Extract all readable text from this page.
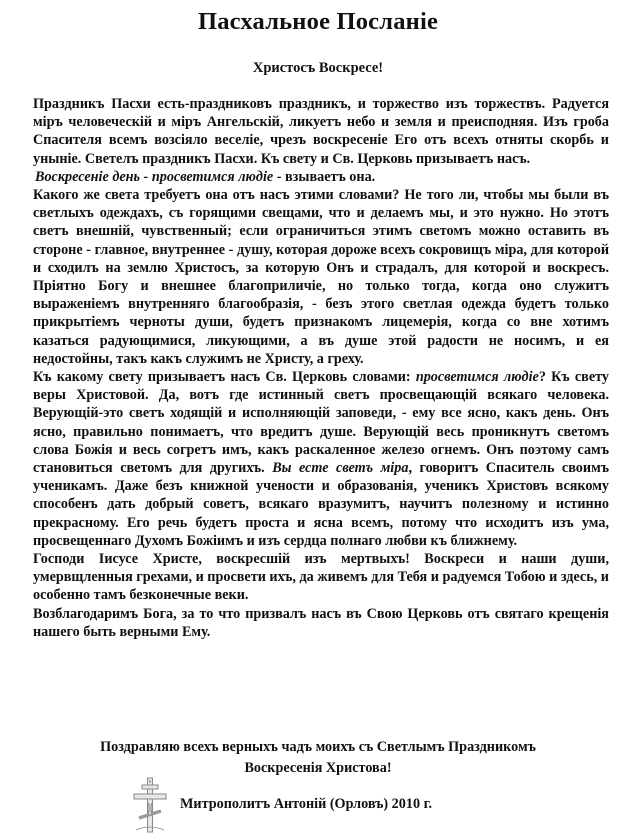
Пасхальное Посланіе
Христосъ Воскресе!

Праздникъ Пасхи есть-праздниковъ праздникъ, и торжество изъ торжествъ. Радуется міръ человеческій и міръ Ангельскій, ликуетъ небо и земля и преисподняя. Изъ гроба Спасителя всемъ возсіяло веселіе, чрезъ воскресеніе Его отъ всехъ отняты скорбь и уныніе. Светелъ праздникъ Пасхи. Къ свету и Св. Церковь призываетъ насъ.

Воскресеніе день - просветимся людіе - взываетъ она.

Какого же света требуетъ она отъ насъ этими словами? Не того ли, чтобы мы были въ светлыхъ одеждахъ, съ горящими свещами, что и делаемъ мы, и это нужно. Но этотъ светъ внешній, чувственный; если ограничиться этимъ светомъ можно оставить въ стороне - главное, внутреннее - душу, которая дороже всехъ сокровищъ міра, для которой и сходилъ на землю Христосъ, за которую Онъ и страдалъ, для которой и воскресъ. Пріятно Богу и внешнее благоприличіе, но только тогда, когда оно служитъ выраженіемъ внутренняго благообразія, - безъ этого светлая одежда будетъ только прикрытіемъ черноты души, будетъ признакомъ лицемерія, когда со вне хотимъ казаться радующимися, ликующими, а въ душе этой радости не носимъ, и ея недостойны, такъ какъ служимъ не Христу, а греху.

Къ какому свету призываетъ насъ Св. Церковь словами: просветимся людіе? Къ свету веры Христовой. Да, вотъ где истинный светъ просвещающій всякаго человека. Верующій-это светъ ходящій и исполняющій заповеди, - ему все ясно, какъ день. Онъ ясно, правильно понимаетъ, что вредитъ душе. Верующій весь проникнутъ светомъ слова Божія и весь согретъ имъ, какъ раскаленное железо огнемъ. Онъ поэтому самъ становиться светомъ для другихъ. Вы есте светъ міра, говоритъ Спаситель своимъ ученикамъ. Даже безъ книжной учености и образованія, ученикъ Христовъ всякому способенъ дать добрый советъ, всякаго вразумитъ, научитъ полезному и истинно прекрасному. Его речь будетъ проста и ясна всемъ, потому что исходитъ изъ ума, просвещеннаго Духомъ Божіимъ и изъ сердца полнаго любви къ ближнему.

Господи Іисусе Христе, воскресшій изъ мертвыхъ! Воскреси и наши души, умервщленныя грехами, и просвети ихъ, да живемъ для Тебя и радуемся Тобою и здесь, и особенно тамъ безконечные веки.

Возблагодаримъ Бога, за то что призвалъ насъ въ Свою Церковь отъ святаго крещенія нашего быть верными Ему.

Поздравляю всехъ верныхъ чадъ моихъ съ Светлымъ Праздникомъ
Воскресенія Христова!
Митрополитъ Антоній (Орловъ) 2010 г.
